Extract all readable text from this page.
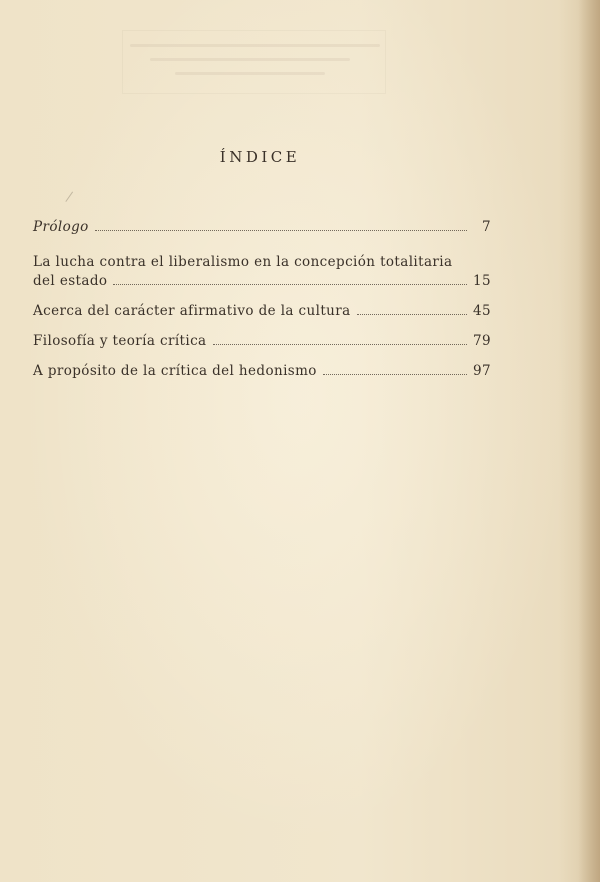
ÍNDICE
Prólogo	7
La lucha contra el liberalismo en la concepción totalitaria
del estado	15
Acerca del carácter afirmativo de la cultura	45
Filosofía y teoría crítica	79
A propósito de la crítica del hedonismo	97
